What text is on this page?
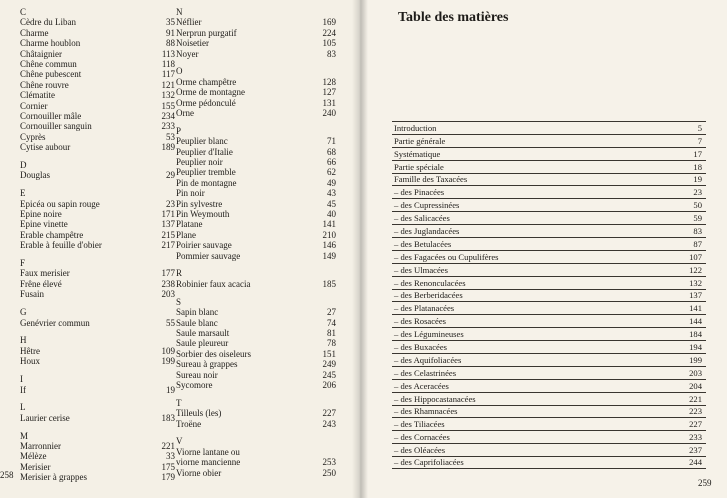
C
Cèdre du Liban	35
Charme	91
Charme houblon	88
Châtaignier	113
Chêne commun	118
Chêne pubescent	117
Chêne rouvre	121
Clématite	132
Cornier	155
Cornouiller mâle	234
Cornouiller sanguin	233
Cyprès	53
Cytise aubour	189
D
Douglas	29
E
Epicéa ou sapin rouge	23
Epine noire	171
Epine vinette	137
Erable champêtre	215
Erable à feuille d'obier	217
F
Faux merisier	177
Frêne élevé	238
Fusain	203
G
Genévrier commun	55
H
Hêtre	109
Houx	199
I
If	19
L
Laurier cerise	183
M
Marronnier	221
Mélèze	33
Merisier	175
Merisier à grappes	179
N
Néflier	169
Nerprun purgatif	224
Noisetier	105
Noyer	83
O
Orme champêtre	128
Orme de montagne	127
Orme pédonculé	131
Orne	240
P
Peuplier blanc	71
Peuplier d'Italie	68
Peuplier noir	66
Peuplier tremble	62
Pin de montagne	49
Pin noir	43
Pin sylvestre	45
Pin Weymouth	40
Platane	141
Plane	210
Poirier sauvage	146
Pommier sauvage	149
R
Robinier faux acacia	185
S
Sapin blanc	27
Saule blanc	74
Saule marsault	81
Saule pleureur	78
Sorbier des oiseleurs	151
Sureau à grappes	249
Sureau noir	245
Sycomore	206
T
Tilleuls (les)	227
Troëne	243
V
Viorne lantane ou
viorne mancienne	253
Viorne obier	250
258
Table des matières
Introduction	5
Partie générale	7
Systématique	17
Partie spéciale	18
Famille des Taxacées	19
– des Pinacées	23
– des Cupressinées	50
– des Salicacées	59
– des Juglandacées	83
– des Betulacées	87
– des Fagacées ou Cupulifères	107
– des Ulmacées	122
– des Renonculacées	132
– des Berberidacées	137
– des Platanacées	141
– des Rosacées	144
– des Légumineuses	184
– des Buxacées	194
– des Aquifoliacées	199
– des Celastrinées	203
– des Aceracées	204
– des Hippocastanacées	221
– des Rhamnacées	223
– des Tiliacées	227
– des Cornacées	233
– des Oléacées	237
– des Caprifoliacées	244
259
